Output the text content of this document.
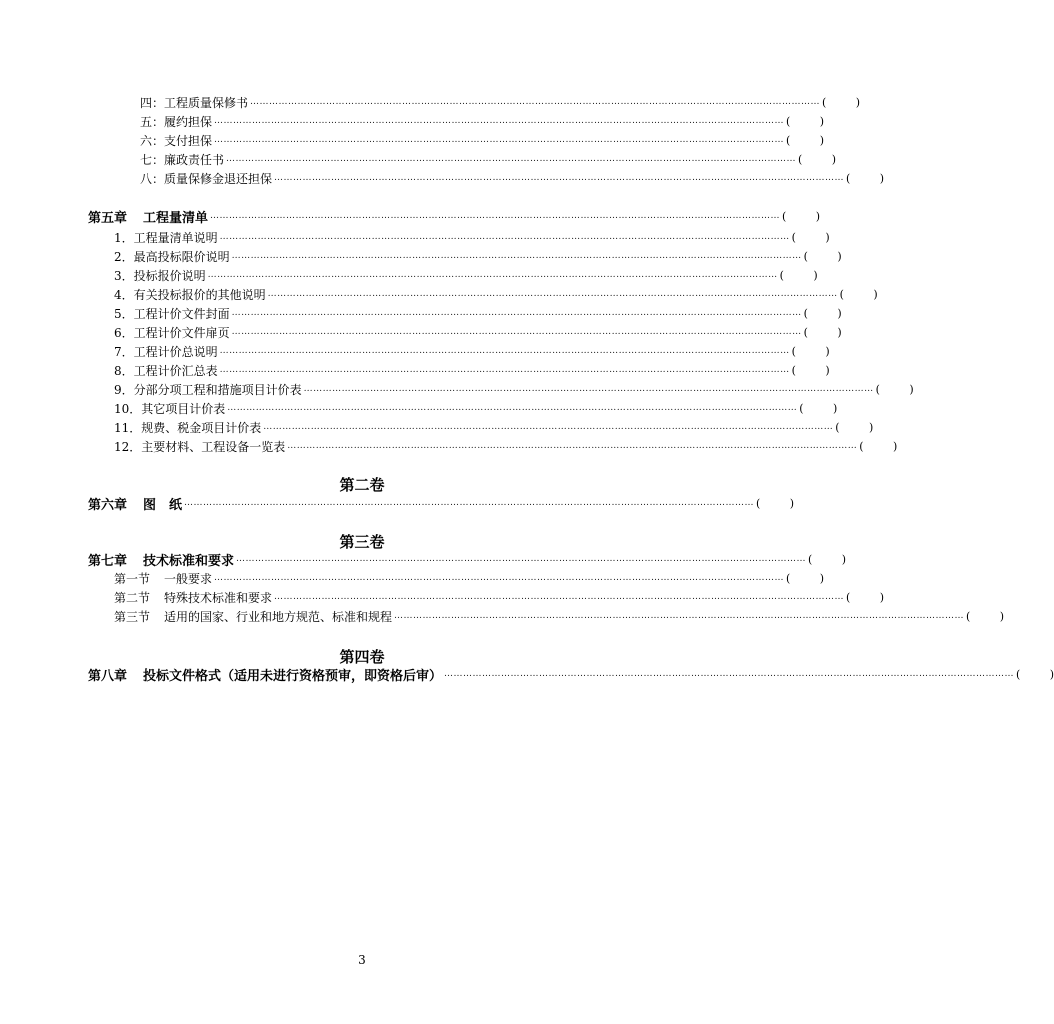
四：工程质量保修书 ……………………………………………………………………………………………………………………………………………………………… (	)
五：履约担保 ……………………………………………………………………………………………………………………………………………………………… (	)
六：支付担保 ……………………………………………………………………………………………………………………………………………………………… (	)
七：廉政责任书 ……………………………………………………………………………………………………………………………………………………………… (	)
八：质量保修金退还担保 ……………………………………………………………………………………………………………………………………………………………… (	)
第五章 工程量清单 ……………………………………………………………………………………………………………………………………………………………… (	)
1．工程量清单说明 ……………………………………………………………………………………………………………………………………………………………… (	)
2．最高投标限价说明 ……………………………………………………………………………………………………………………………………………………………… (	)
3．投标报价说明 ……………………………………………………………………………………………………………………………………………………………… (	)
4．有关投标报价的其他说明 ……………………………………………………………………………………………………………………………………………………………… (	)
5．工程计价文件封面 ……………………………………………………………………………………………………………………………………………………………… (	)
6．工程计价文件扉页 ……………………………………………………………………………………………………………………………………………………………… (	)
7．工程计价总说明 ……………………………………………………………………………………………………………………………………………………………… (	)
8．工程计价汇总表 ……………………………………………………………………………………………………………………………………………………………… (	)
9．分部分项工程和措施项目计价表 ……………………………………………………………………………………………………………………………………………………………… (	)
10．其它项目计价表 ……………………………………………………………………………………………………………………………………………………………… (	)
11．规费、税金项目计价表 ……………………………………………………………………………………………………………………………………………………………… (	)
12．主要材料、工程设备一览表 ……………………………………………………………………………………………………………………………………………………………… (	)
第二卷
第六章 图　纸 ……………………………………………………………………………………………………………………………………………………………… (	)
第三卷
第七章 技术标准和要求 ……………………………………………………………………………………………………………………………………………………………… (	)
第一节 一般要求 ……………………………………………………………………………………………………………………………………………………………… (	)
第二节 特殊技术标准和要求 ……………………………………………………………………………………………………………………………………………………………… (	)
第三节 适用的国家、行业和地方规范、标准和规程 ……………………………………………………………………………………………………………………………………………………………… (	)
第四卷
第八章 投标文件格式（适用未进行资格预审，即资格后审） ……………………………………………………………………………………………………………………………………………………………… (	)
3
